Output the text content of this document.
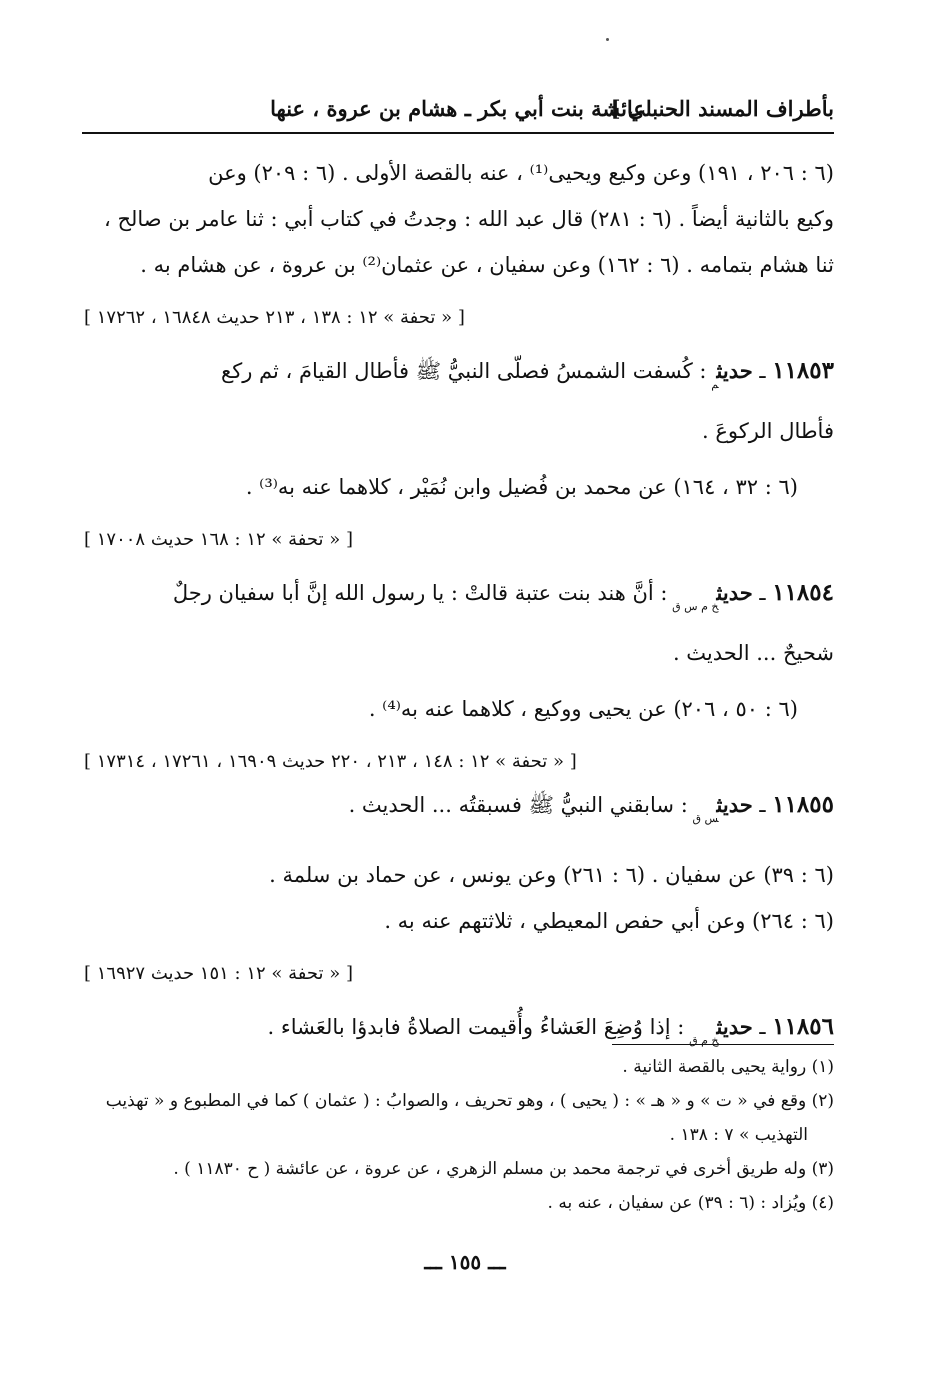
بأطراف المسند الحنبلي ]
عائشة بنت أبي بكر ـ هشام بن عروة ، عنها

(٦ : ٢٠٦ ، ١٩١) وعن وكيع ويحيى⁽¹⁾ ، عنه بالقصة الأولى . (٦ : ٢٠٩) وعن

وكيع بالثانية أيضاً . (٦ : ٢٨١) قال عبد الله : وجدتُ في كتاب أبي : ثنا عامر بن صالح ،

ثنا هشام بتمامه . (٦ : ١٦٢) وعن سفيان ، عن عثمان⁽²⁾ بن عروة ، عن هشام به .

[ « تحفة » ١٢ : ١٣٨ ، ٢١٣ حديث ١٦٨٤٨ ، ١٧٢٦٢ ]

١١٨٥٣ ـ حديث$_م$ : كُسفت الشمسُ فصلّى النبيُّ ﷺ فأطال القيامَ ، ثم ركع

فأطال الركوعَ .

(٦ : ٣٢ ، ١٦٤) عن محمد بن فُضيل وابن نُمَيْر ، كلاهما عنه به⁽³⁾ .

[ « تحفة » ١٢ : ١٦٨ حديث ١٧٠٠٨ ]

١١٨٥٤ ـ حديث$_{خ م س ق}$ : أنَّ هند بنت عتبة قالتْ : يا رسول الله إنَّ أبا سفيان رجلٌ

شحيحٌ ... الحديث .

(٦ : ٥٠ ، ٢٠٦) عن يحيى ووكيع ، كلاهما عنه به⁽⁴⁾ .

[ « تحفة » ١٢ : ١٤٨ ، ٢١٣ ، ٢٢٠ حديث ١٦٩٠٩ ، ١٧٢٦١ ، ١٧٣١٤ ]

١١٨٥٥ ـ حديث$_{س ق}$ : سابقني النبيُّ ﷺ فسبقتُه ... الحديث .

(٦ : ٣٩) عن سفيان . (٦ : ٢٦١) وعن يونس ، عن حماد بن سلمة .

(٦ : ٢٦٤) وعن أبي حفص المعيطي ، ثلاثتهم عنه به .

[ « تحفة » ١٢ : ١٥١ حديث ١٦٩٢٧ ]

١١٨٥٦ ـ حديث$_{خ م ق}$ : إذا وُضِعَ العَشاءُ وأُقيمت الصلاةُ فابدؤا بالعَشاء .

(١) رواية يحيى بالقصة الثانية .

(٢) وقع في « ت » و « هـ » : ( يحيى ) ، وهو تحريف ، والصوابُ : ( عثمان ) كما في المطبوع و « تهذيب

التهذيب » ٧ : ١٣٨ .

(٣) وله طريق أخرى في ترجمة محمد بن مسلم الزهري ، عن عروة ، عن عائشة ( ح ١١٨٣٠ ) .

(٤) ويُزاد : (٦ : ٣٩) عن سفيان ، عنه به .

ـــ ١٥٥ ـــ
